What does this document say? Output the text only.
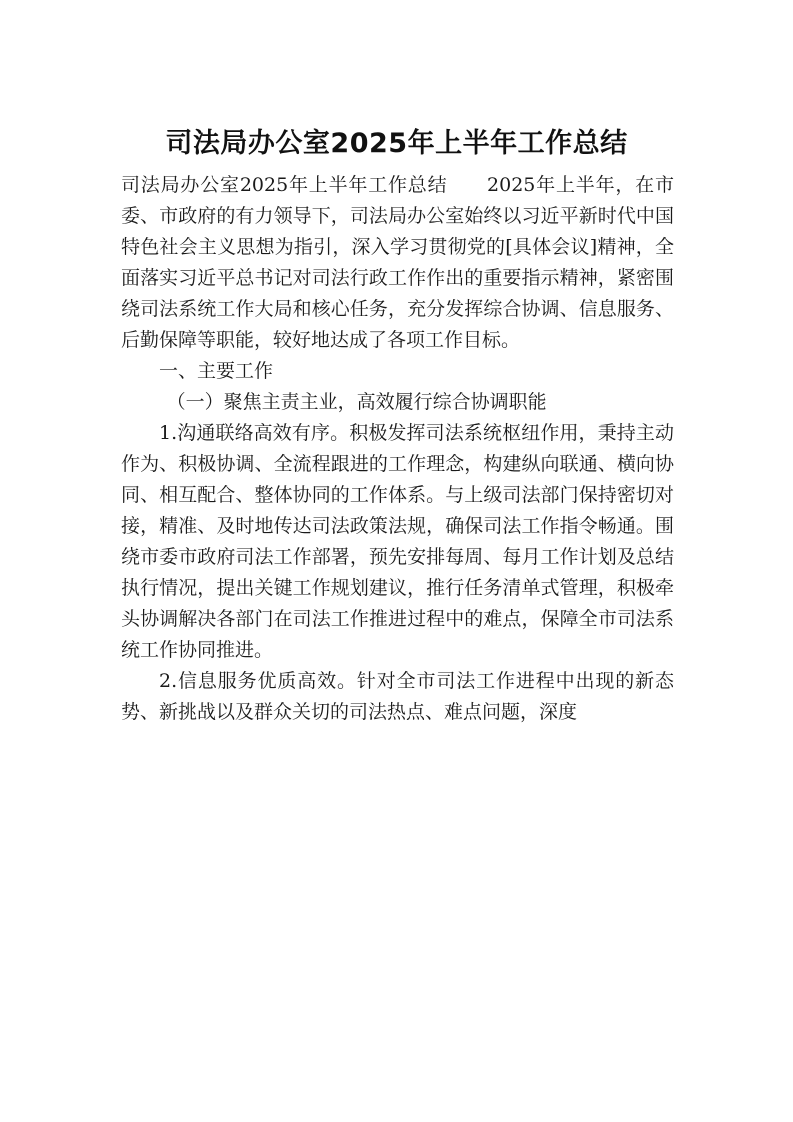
司法局办公室2025年上半年工作总结

司法局办公室2025年上半年工作总结　　2025年上半年，在市委、市政府的有力领导下，司法局办公室始终以习近平新时代中国特色社会主义思想为指引，深入学习贯彻党的[具体会议]精神，全面落实习近平总书记对司法行政工作作出的重要指示精神，紧密围绕司法系统工作大局和核心任务，充分发挥综合协调、信息服务、后勤保障等职能，较好地达成了各项工作目标。

一、主要工作

（一）聚焦主责主业，高效履行综合协调职能

1.沟通联络高效有序。积极发挥司法系统枢纽作用，秉持主动作为、积极协调、全流程跟进的工作理念，构建纵向联通、横向协同、相互配合、整体协同的工作体系。与上级司法部门保持密切对接，精准、及时地传达司法政策法规，确保司法工作指令畅通。围绕市委市政府司法工作部署，预先安排每周、每月工作计划及总结执行情况，提出关键工作规划建议，推行任务清单式管理，积极牵头协调解决各部门在司法工作推进过程中的难点，保障全市司法系统工作协同推进。

2.信息服务优质高效。针对全市司法工作进程中出现的新态势、新挑战以及群众关切的司法热点、难点问题，深度
